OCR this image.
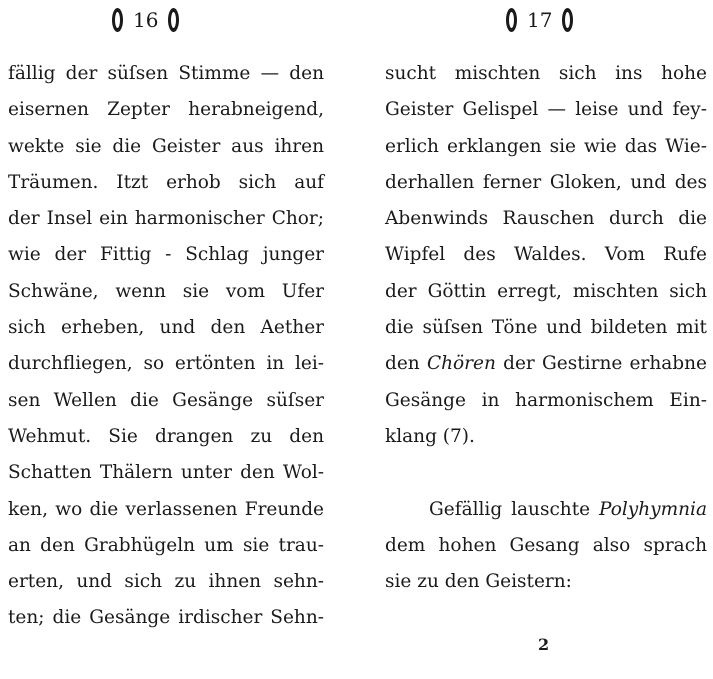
16
fällig der süſsen Stimme — den
eisernen Zepter herabneigend,
wekte sie die Geister aus ihren
Träumen. Itzt erhob sich auf
der Insel ein harmonischer Chor;
wie der Fittig - Schlag junger
Schwäne, wenn sie vom Ufer
sich erheben, und den Aether
durchfliegen, so ertönten in lei-
sen Wellen die Gesänge süſser
Wehmut. Sie drangen zu den
Schatten Thälern unter den Wol-
ken, wo die verlassenen Freunde
an den Grabhügeln um sie trau-
erten, und sich zu ihnen sehn-
ten; die Gesänge irdischer Sehn-
17
sucht mischten sich ins hohe
Geister Gelispel — leise und fey-
erlich erklangen sie wie das Wie-
derhallen ferner Gloken, und des
Abenwinds Rauschen durch die
Wipfel des Waldes. Vom Rufe
der Göttin erregt, mischten sich
die süſsen Töne und bildeten mit
den Chören der Gestirne erhabne
Gesänge in harmonischem Ein-
klang (7).
Gefällig lauschte Polyhymnia
dem hohen Gesang also sprach
sie zu den Geistern:
2
